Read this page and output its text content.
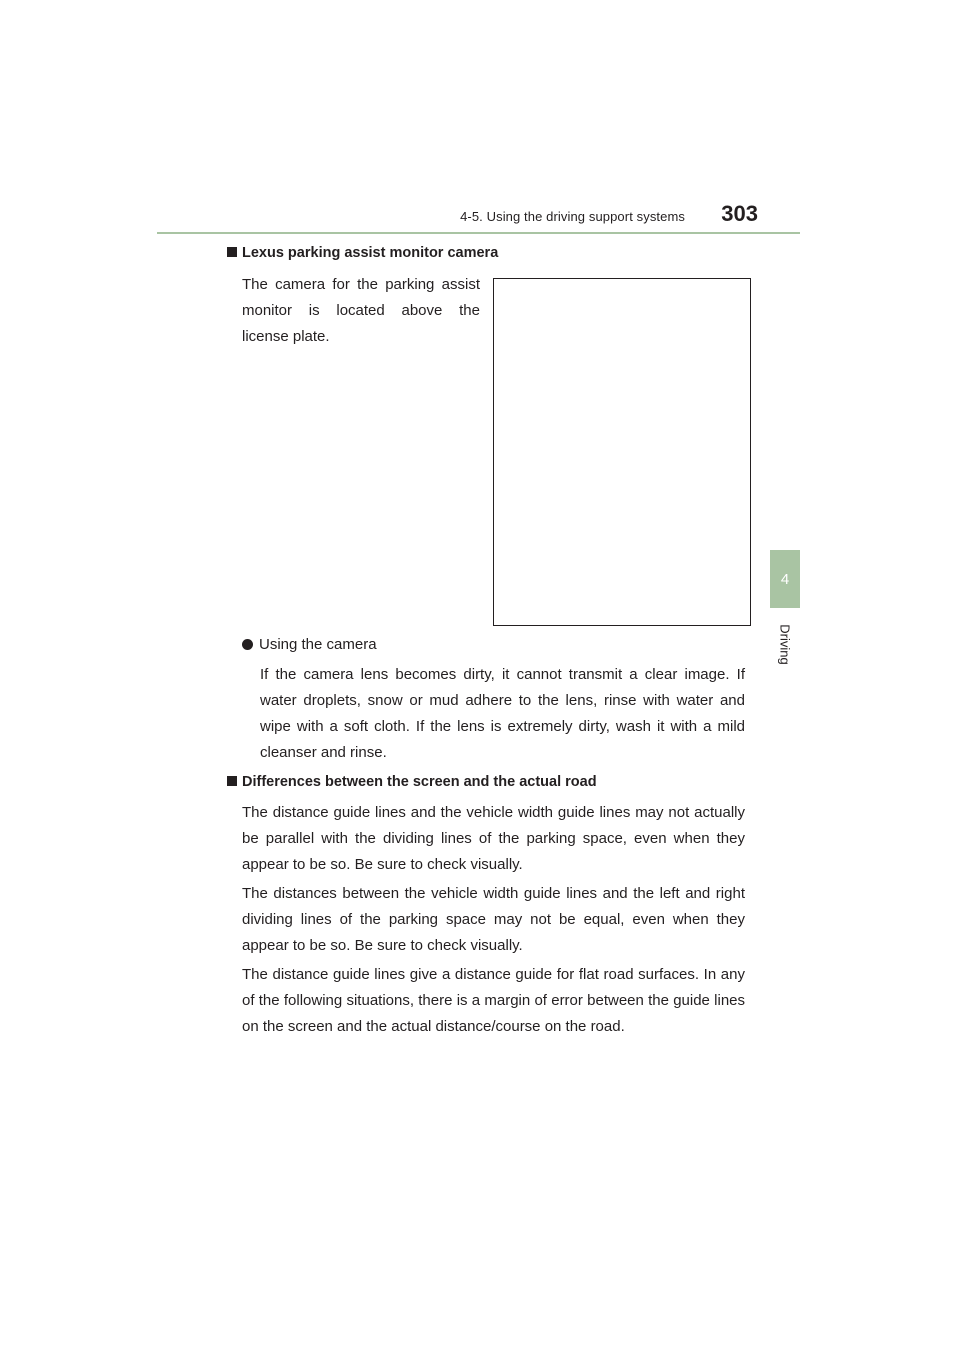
4-5. Using the driving support systems 303
4
Driving
Lexus parking assist monitor camera
The camera for the parking assist monitor is located above the license plate.
Using the camera
If the camera lens becomes dirty, it cannot transmit a clear image. If water droplets, snow or mud adhere to the lens, rinse with water and wipe with a soft cloth. If the lens is extremely dirty, wash it with a mild cleanser and rinse.
Differences between the screen and the actual road
The distance guide lines and the vehicle width guide lines may not actually be parallel with the dividing lines of the parking space, even when they appear to be so. Be sure to check visually.
The distances between the vehicle width guide lines and the left and right dividing lines of the parking space may not be equal, even when they appear to be so. Be sure to check visually.
The distance guide lines give a distance guide for flat road surfaces. In any of the following situations, there is a margin of error between the guide lines on the screen and the actual distance/course on the road.
